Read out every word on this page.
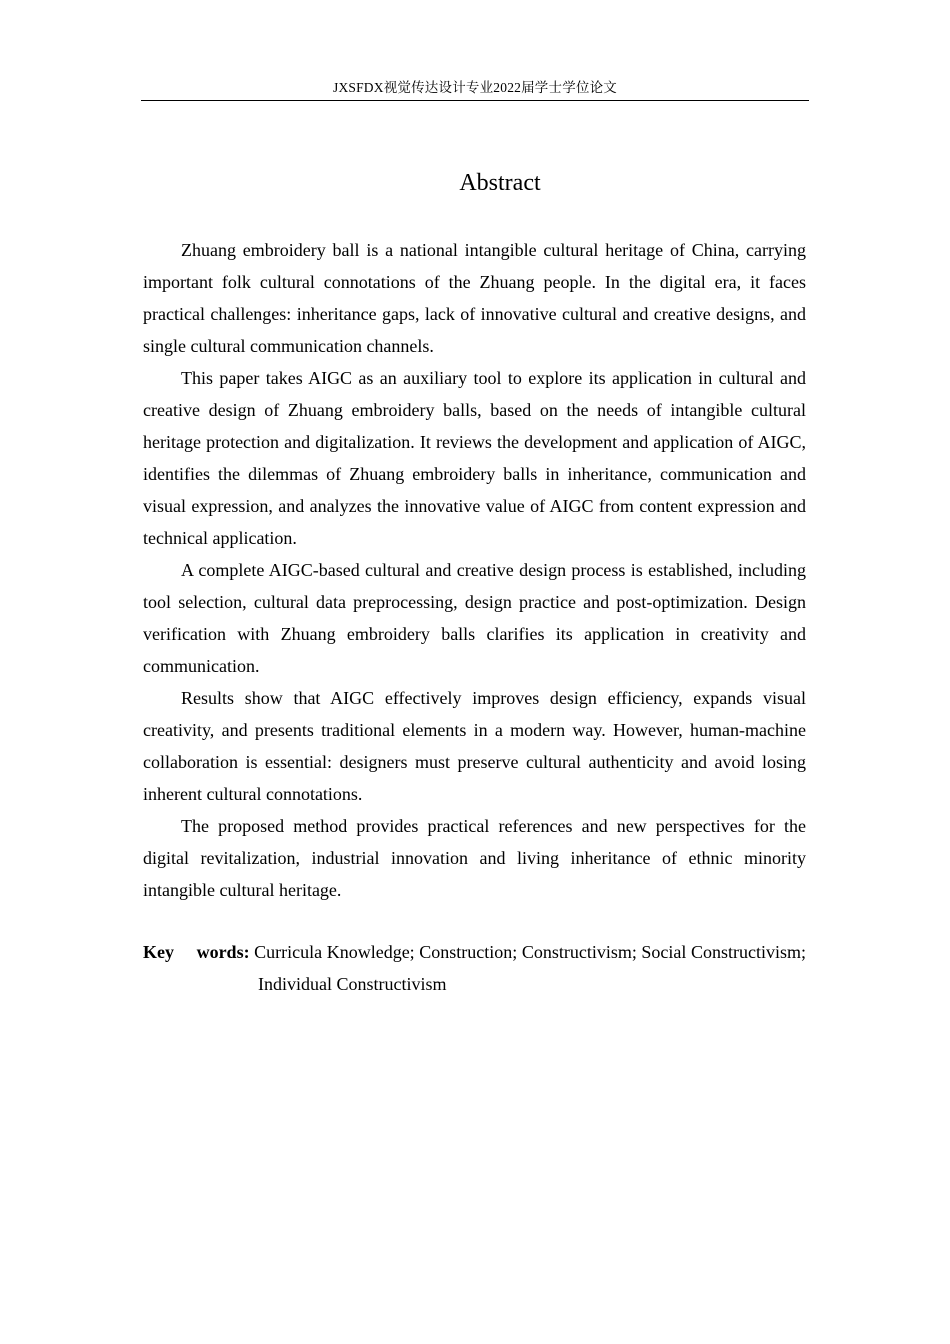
JXSFDX视觉传达设计专业2022届学士学位论文
Abstract

Zhuang embroidery ball is a national intangible cultural heritage of China, carrying important folk cultural connotations of the Zhuang people. In the digital era, it faces practical challenges: inheritance gaps, lack of innovative cultural and creative designs, and single cultural communication channels.

This paper takes AIGC as an auxiliary tool to explore its application in cultural and creative design of Zhuang embroidery balls, based on the needs of intangible cultural heritage protection and digitalization. It reviews the development and application of AIGC, identifies the dilemmas of Zhuang embroidery balls in inheritance, communication and visual expression, and analyzes the innovative value of AIGC from content expression and technical application.

A complete AIGC-based cultural and creative design process is established, including tool selection, cultural data preprocessing, design practice and post-optimization. Design verification with Zhuang embroidery balls clarifies its application in creativity and communication.

Results show that AIGC effectively improves design efficiency, expands visual creativity, and presents traditional elements in a modern way. However, human-machine collaboration is essential: designers must preserve cultural authenticity and avoid losing inherent cultural connotations.

The proposed method provides practical references and new perspectives for the digital revitalization, industrial innovation and living inheritance of ethnic minority intangible cultural heritage.

Key words: Curricula Knowledge; Construction; Constructivism; Social Constructivism; Individual Constructivism
